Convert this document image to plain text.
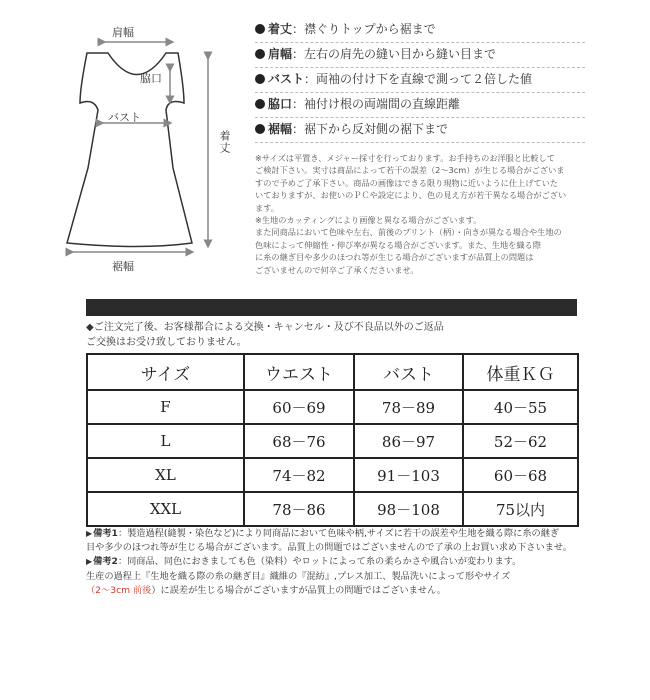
肩幅
脇口
バスト
着丈
裾幅
着丈：襟ぐりトップから裾まで
肩幅：左右の肩先の縫い目から縫い目まで
バスト：両袖の付け下を直線で測って２倍した値
脇口：袖付け根の両端間の直線距離
裾幅：裾下から反対側の裾下まで
※サイズは平置き、メジャー採寸を行っております。お手持ちのお洋服と比較して
ご検討下さい。実寸は商品によって若干の誤差（2～3cm）が生じる場合がございま
すので予めご了承下さい。商品の画像はできる限り現物に近いように仕上げていた
いておりますが、お使いのＰＣや設定により、色の見え方が若干異なる場合がござい
ます。
※生地のカッティングにより画像と異なる場合がございます。
また同商品において色味や左右、前後のプリント（柄）・向きが異なる場合や生地の
色味によって伸縮性・伸び率が異なる場合がございます。また、生地を織る際
に糸の継ぎ目や多少のほつれ等が生じる場合がございますが品質上の問題は
ございませんので何卒ご了承くださいませ。
◆ご注文完了後、お客様都合による交換・キャンセル・及び不良品以外のご返品
ご交換はお受け致しておりません。
サイズ	ウエスト	バスト	体重ＫＧ
F	60－69	78－89	40－55
L	68－76	86－97	52－62
XL	74－82	91－103	60－68
XXL	78－86	98－108	75以内
▶備考1：製造過程(縫製・染色など)により同商品において色味や柄,サイズに若干の誤差や生地を織る際に糸の継ぎ
目や多少のほつれ等が生じる場合がございます。品質上の問題ではございませんので了承の上お買い求め下さいませ。
▶備考2：同商品、同色におきましても色（染料）やロットによって糸の柔らかさや風合いが変わります。
生産の過程上『生地を織る際の糸の継ぎ目』織維の『混紡』,プレス加工、製品洗いによって形やサイズ
（2～3cm 前後）に誤差が生じる場合がございますが品質上の問題ではございません。
